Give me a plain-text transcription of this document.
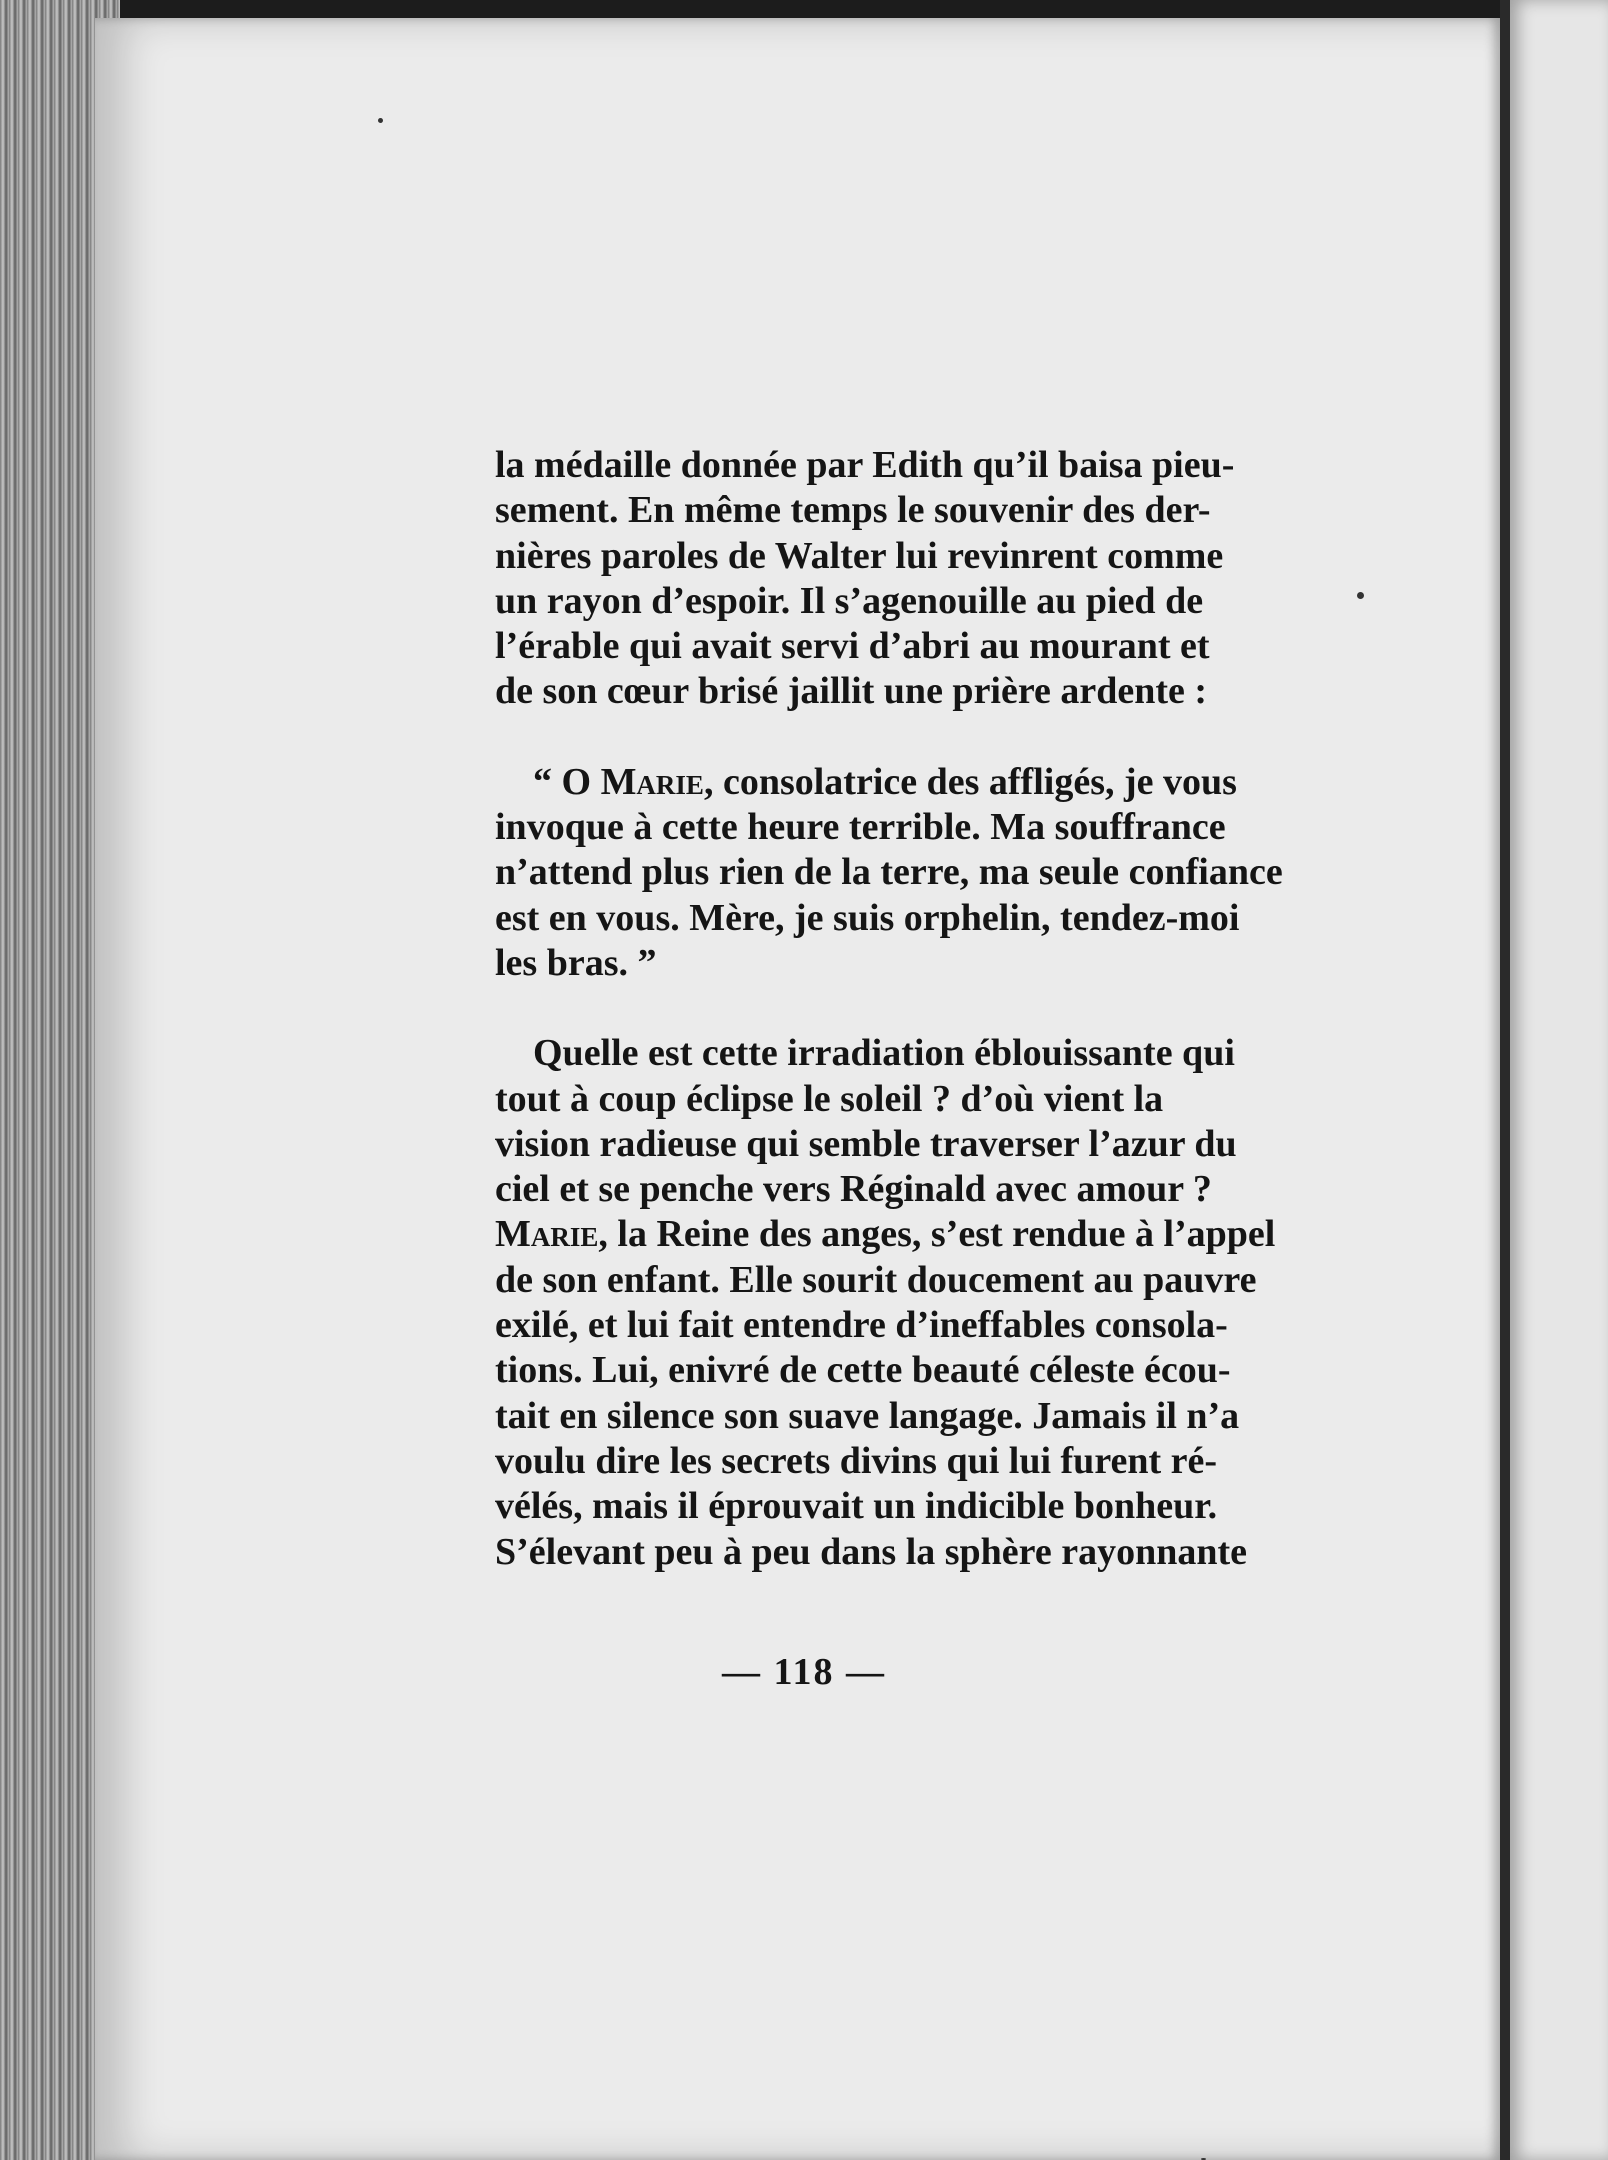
la médaille donnée par Edith qu’il baisa pieu-
sement. En même temps le souvenir des der-
nières paroles de Walter lui revinrent comme
un rayon d’espoir. Il s’agenouille au pied de
l’érable qui avait servi d’abri au mourant et
de son cœur brisé jaillit une prière ardente :
“ O Marie, consolatrice des affligés, je vous
invoque à cette heure terrible. Ma souffrance
n’attend plus rien de la terre, ma seule confiance
est en vous. Mère, je suis orphelin, tendez-moi
les bras. ”
Quelle est cette irradiation éblouissante qui
tout à coup éclipse le soleil ? d’où vient la
vision radieuse qui semble traverser l’azur du
ciel et se penche vers Réginald avec amour ?
Marie, la Reine des anges, s’est rendue à l’appel
de son enfant. Elle sourit doucement au pauvre
exilé, et lui fait entendre d’ineffables consola-
tions. Lui, enivré de cette beauté céleste écou-
tait en silence son suave langage. Jamais il n’a
voulu dire les secrets divins qui lui furent ré-
vélés, mais il éprouvait un indicible bonheur.
S’élevant peu à peu dans la sphère rayonnante
— 118 —
